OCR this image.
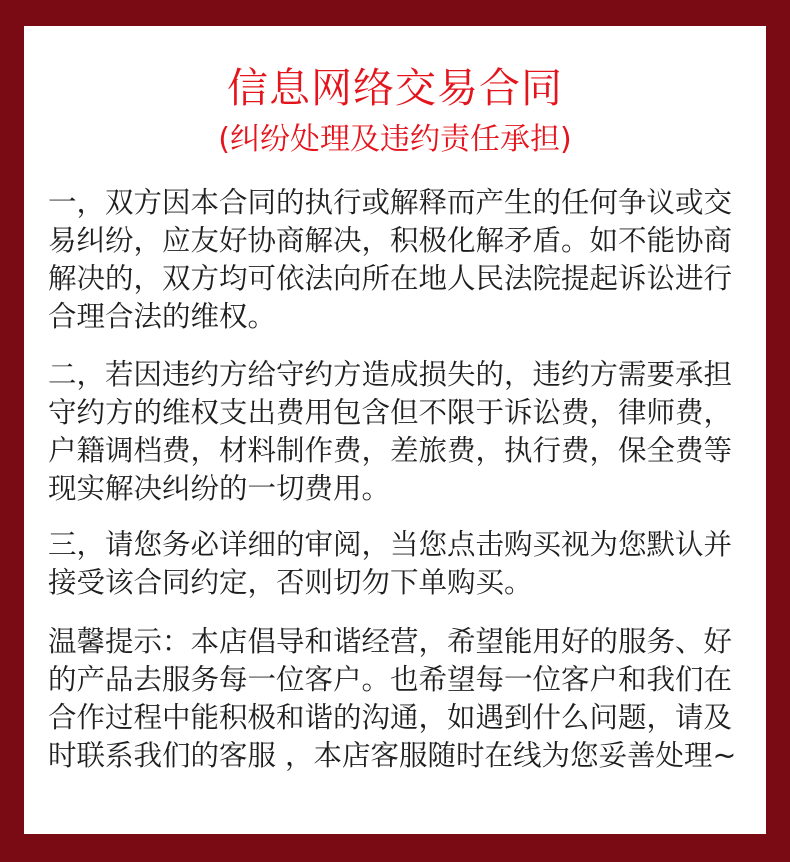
信息网络交易合同
(纠纷处理及违约责任承担)

一，双方因本合同的执行或解释而产生的任何争议或交易纠纷，应友好协商解决，积极化解矛盾。如不能协商解决的，双方均可依法向所在地人民法院提起诉讼进行合理合法的维权。

二，若因违约方给守约方造成损失的，违约方需要承担守约方的维权支出费用包含但不限于诉讼费，律师费，户籍调档费，材料制作费，差旅费，执行费，保全费等现实解决纠纷的一切费用。

三，请您务必详细的审阅，当您点击购买视为您默认并接受该合同约定，否则切勿下单购买。

温馨提示：本店倡导和谐经营，希望能用好的服务、好的产品去服务每一位客户。也希望每一位客户和我们在合作过程中能积极和谐的沟通，如遇到什么问题，请及时联系我们的客服 ，本店客服随时在线为您妥善处理~
